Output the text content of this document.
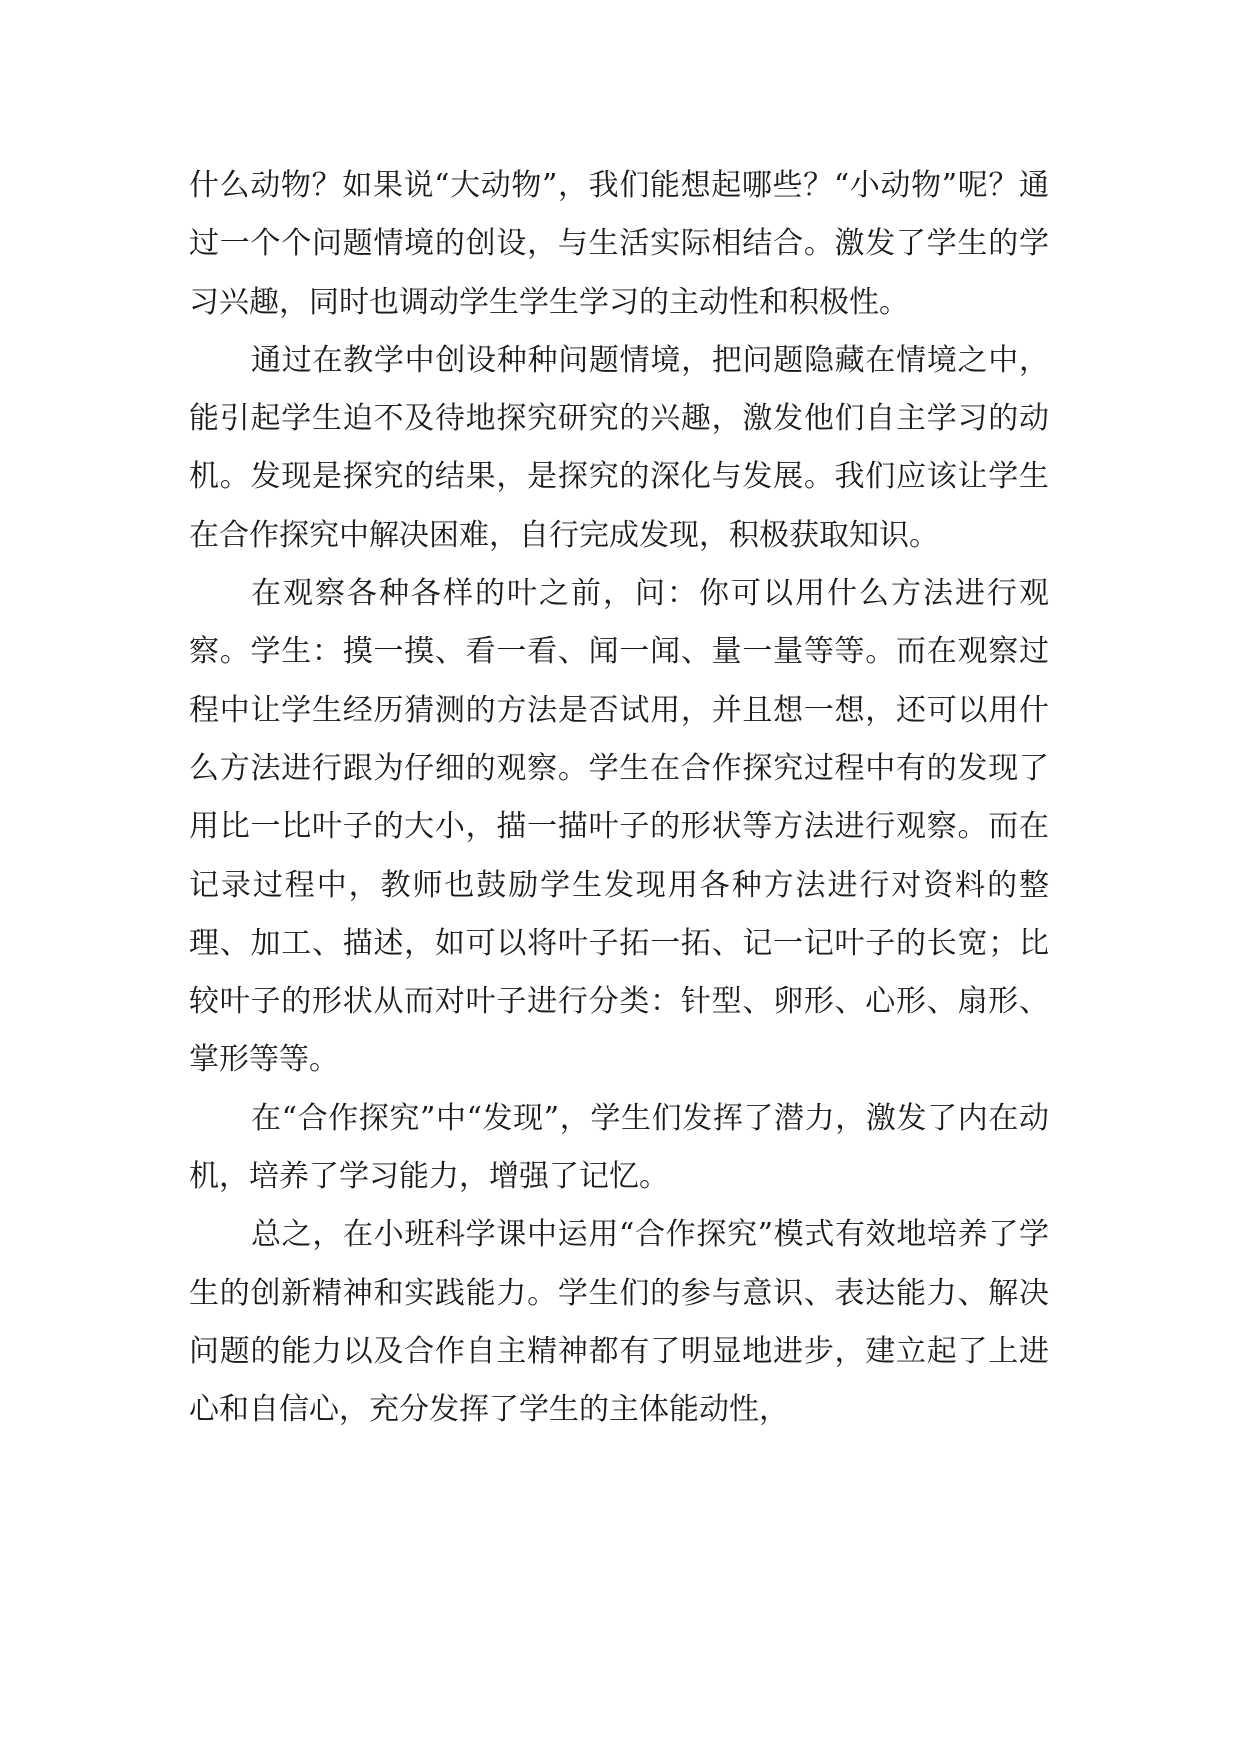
什么动物？如果说“大动物”，我们能想起哪些？“小动物”呢？通过一个个问题情境的创设，与生活实际相结合。激发了学生的学习兴趣，同时也调动学生学生学习的主动性和积极性。

通过在教学中创设种种问题情境，把问题隐藏在情境之中，能引起学生迫不及待地探究研究的兴趣，激发他们自主学习的动机。发现是探究的结果，是探究的深化与发展。我们应该让学生在合作探究中解决困难，自行完成发现，积极获取知识。

在观察各种各样的叶之前，问：你可以用什么方法进行观察。学生：摸一摸、看一看、闻一闻、量一量等等。而在观察过程中让学生经历猜测的方法是否试用，并且想一想，还可以用什么方法进行跟为仔细的观察。学生在合作探究过程中有的发现了用比一比叶子的大小，描一描叶子的形状等方法进行观察。而在记录过程中，教师也鼓励学生发现用各种方法进行对资料的整理、加工、描述，如可以将叶子拓一拓、记一记叶子的长宽；比较叶子的形状从而对叶子进行分类：针型、卵形、心形、扇形、掌形等等。

在“合作探究”中“发现”，学生们发挥了潜力，激发了内在动机，培养了学习能力，增强了记忆。

总之，在小班科学课中运用“合作探究”模式有效地培养了学生的创新精神和实践能力。学生们的参与意识、表达能力、解决问题的能力以及合作自主精神都有了明显地进步，建立起了上进心和自信心，充分发挥了学生的主体能动性，
